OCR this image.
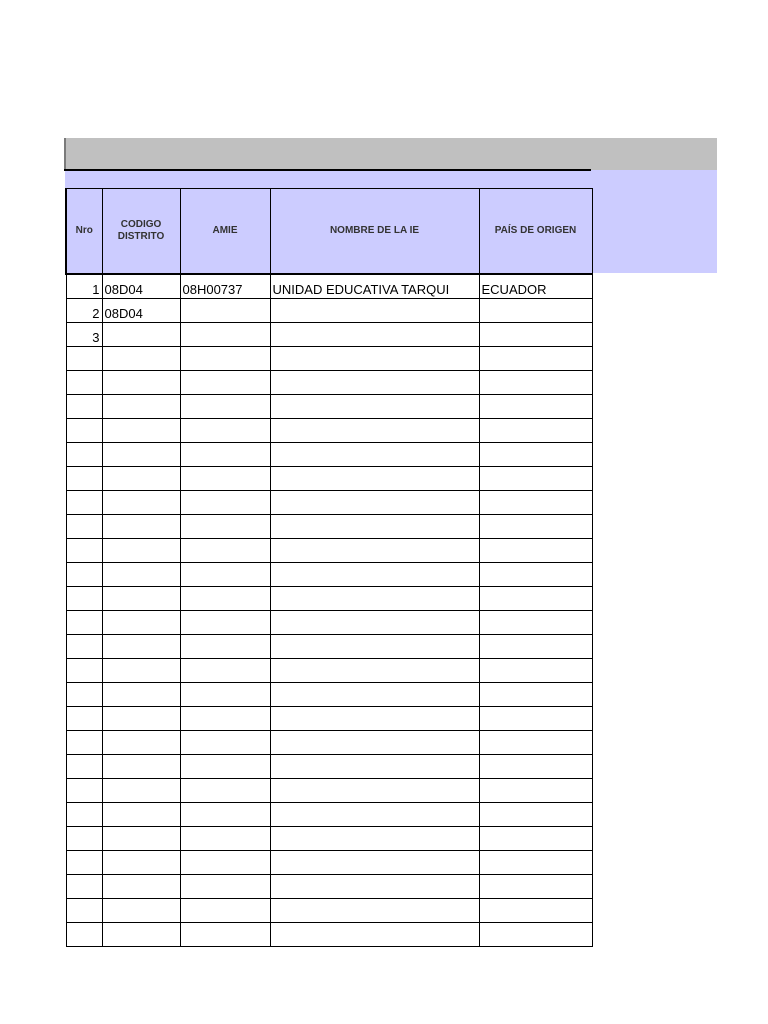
Nro	CODIGO DISTRITO	AMIE	NOMBRE DE LA IE	PAÍS DE ORIGEN
1	08D04	08H00737	UNIDAD EDUCATIVA TARQUI	ECUADOR
2	08D04			
3				
